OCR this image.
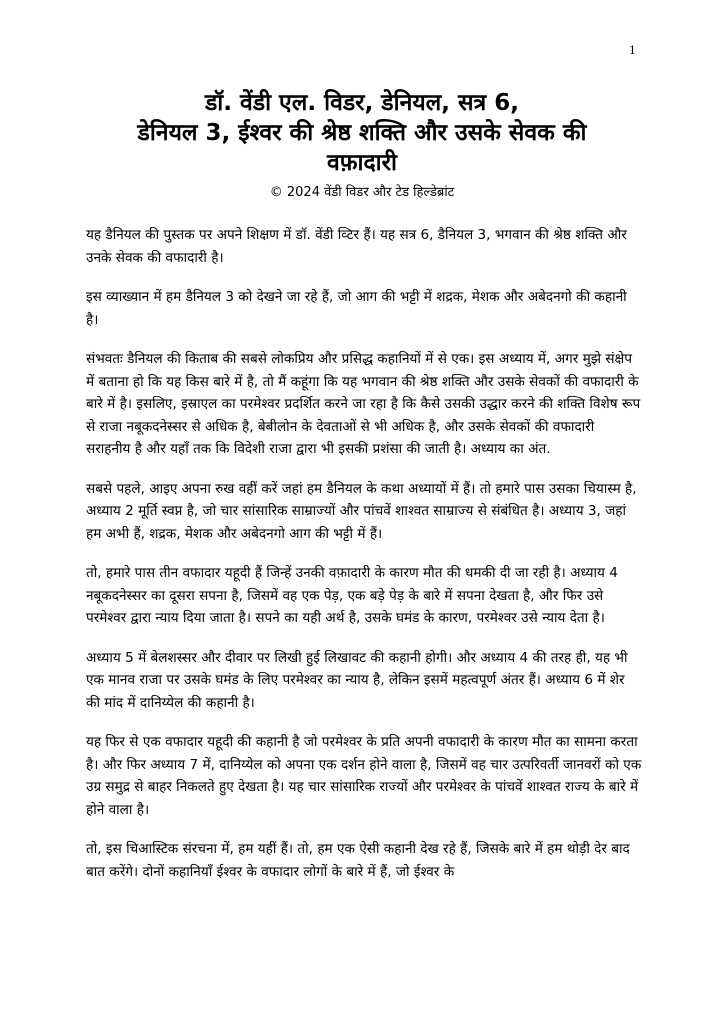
1
डॉ. वेंडी एल. विडर, डेनियल, सत्र 6,
डेनियल 3, ईश्वर की श्रेष्ठ शक्ति और उसके सेवक की
वफ़ादारी
© 2024 वेंडी विडर और टेड हिल्डेब्रांट

यह डैनियल की पुस्तक पर अपने शिक्षण में डॉ. वेंडी व्टिर हैं। यह सत्र 6, डैनियल 3, भगवान की श्रेष्ठ शक्ति और उनके सेवक की वफादारी है।

इस व्याख्यान में हम डैनियल 3 को देखने जा रहे हैं, जो आग की भट्टी में शद्रक, मेशक और अबेदनगो की कहानी है।

संभवतः डैनियल की किताब की सबसे लोकप्रिय और प्रसिद्ध कहानियों में से एक। इस अध्याय में, अगर मुझे संक्षेप में बताना हो कि यह किस बारे में है, तो मैं कहूंगा कि यह भगवान की श्रेष्ठ शक्ति और उसके सेवकों की वफादारी के बारे में है। इसलिए, इस्राएल का परमेश्वर प्रदर्शित करने जा रहा है कि कैसे उसकी उद्धार करने की शक्ति विशेष रूप से राजा नबूकदनेस्सर से अधिक है, बेबीलोन के देवताओं से भी अधिक है, और उसके सेवकों की वफादारी सराहनीय है और यहाँ तक कि विदेशी राजा द्वारा भी इसकी प्रशंसा की जाती है। अध्याय का अंत.

सबसे पहले, आइए अपना रुख वहीं करें जहां हम डैनियल के कथा अध्यायों में हैं। तो हमारे पास उसका चियास्म है, अध्याय 2 मूर्ति स्वप्न है, जो चार सांसारिक साम्राज्यों और पांचवें शाश्वत साम्राज्य से संबंधित है। अध्याय 3, जहां हम अभी हैं, शद्रक, मेशक और अबेदनगो आग की भट्टी में हैं।

तो, हमारे पास तीन वफादार यहूदी हैं जिन्हें उनकी वफ़ादारी के कारण मौत की धमकी दी जा रही है। अध्याय 4 नबूकदनेस्सर का दूसरा सपना है, जिसमें वह एक पेड़, एक बड़े पेड़ के बारे में सपना देखता है, और फिर उसे परमेश्वर द्वारा न्याय दिया जाता है। सपने का यही अर्थ है, उसके घमंड के कारण, परमेश्वर उसे न्याय देता है।

अध्याय 5 में बेलशस्सर और दीवार पर लिखी हुई लिखावट की कहानी होगी। और अध्याय 4 की तरह ही, यह भी एक मानव राजा पर उसके घमंड के लिए परमेश्वर का न्याय है, लेकिन इसमें महत्वपूर्ण अंतर हैं। अध्याय 6 में शेर की मांद में दानिय्येल की कहानी है।

यह फिर से एक वफादार यहूदी की कहानी है जो परमेश्वर के प्रति अपनी वफादारी के कारण मौत का सामना करता है। और फिर अध्याय 7 में, दानिय्येल को अपना एक दर्शन होने वाला है, जिसमें वह चार उत्परिवर्ती जानवरों को एक उग्र समुद्र से बाहर निकलते हुए देखता है। यह चार सांसारिक राज्यों और परमेश्वर के पांचवें शाश्वत राज्य के बारे में होने वाला है।

तो, इस चिआस्टिक संरचना में, हम यहीं हैं। तो, हम एक ऐसी कहानी देख रहे हैं, जिसके बारे में हम थोड़ी देर बाद बात करेंगे। दोनों कहानियाँ ईश्वर के वफादार लोगों के बारे में हैं, जो ईश्वर के
